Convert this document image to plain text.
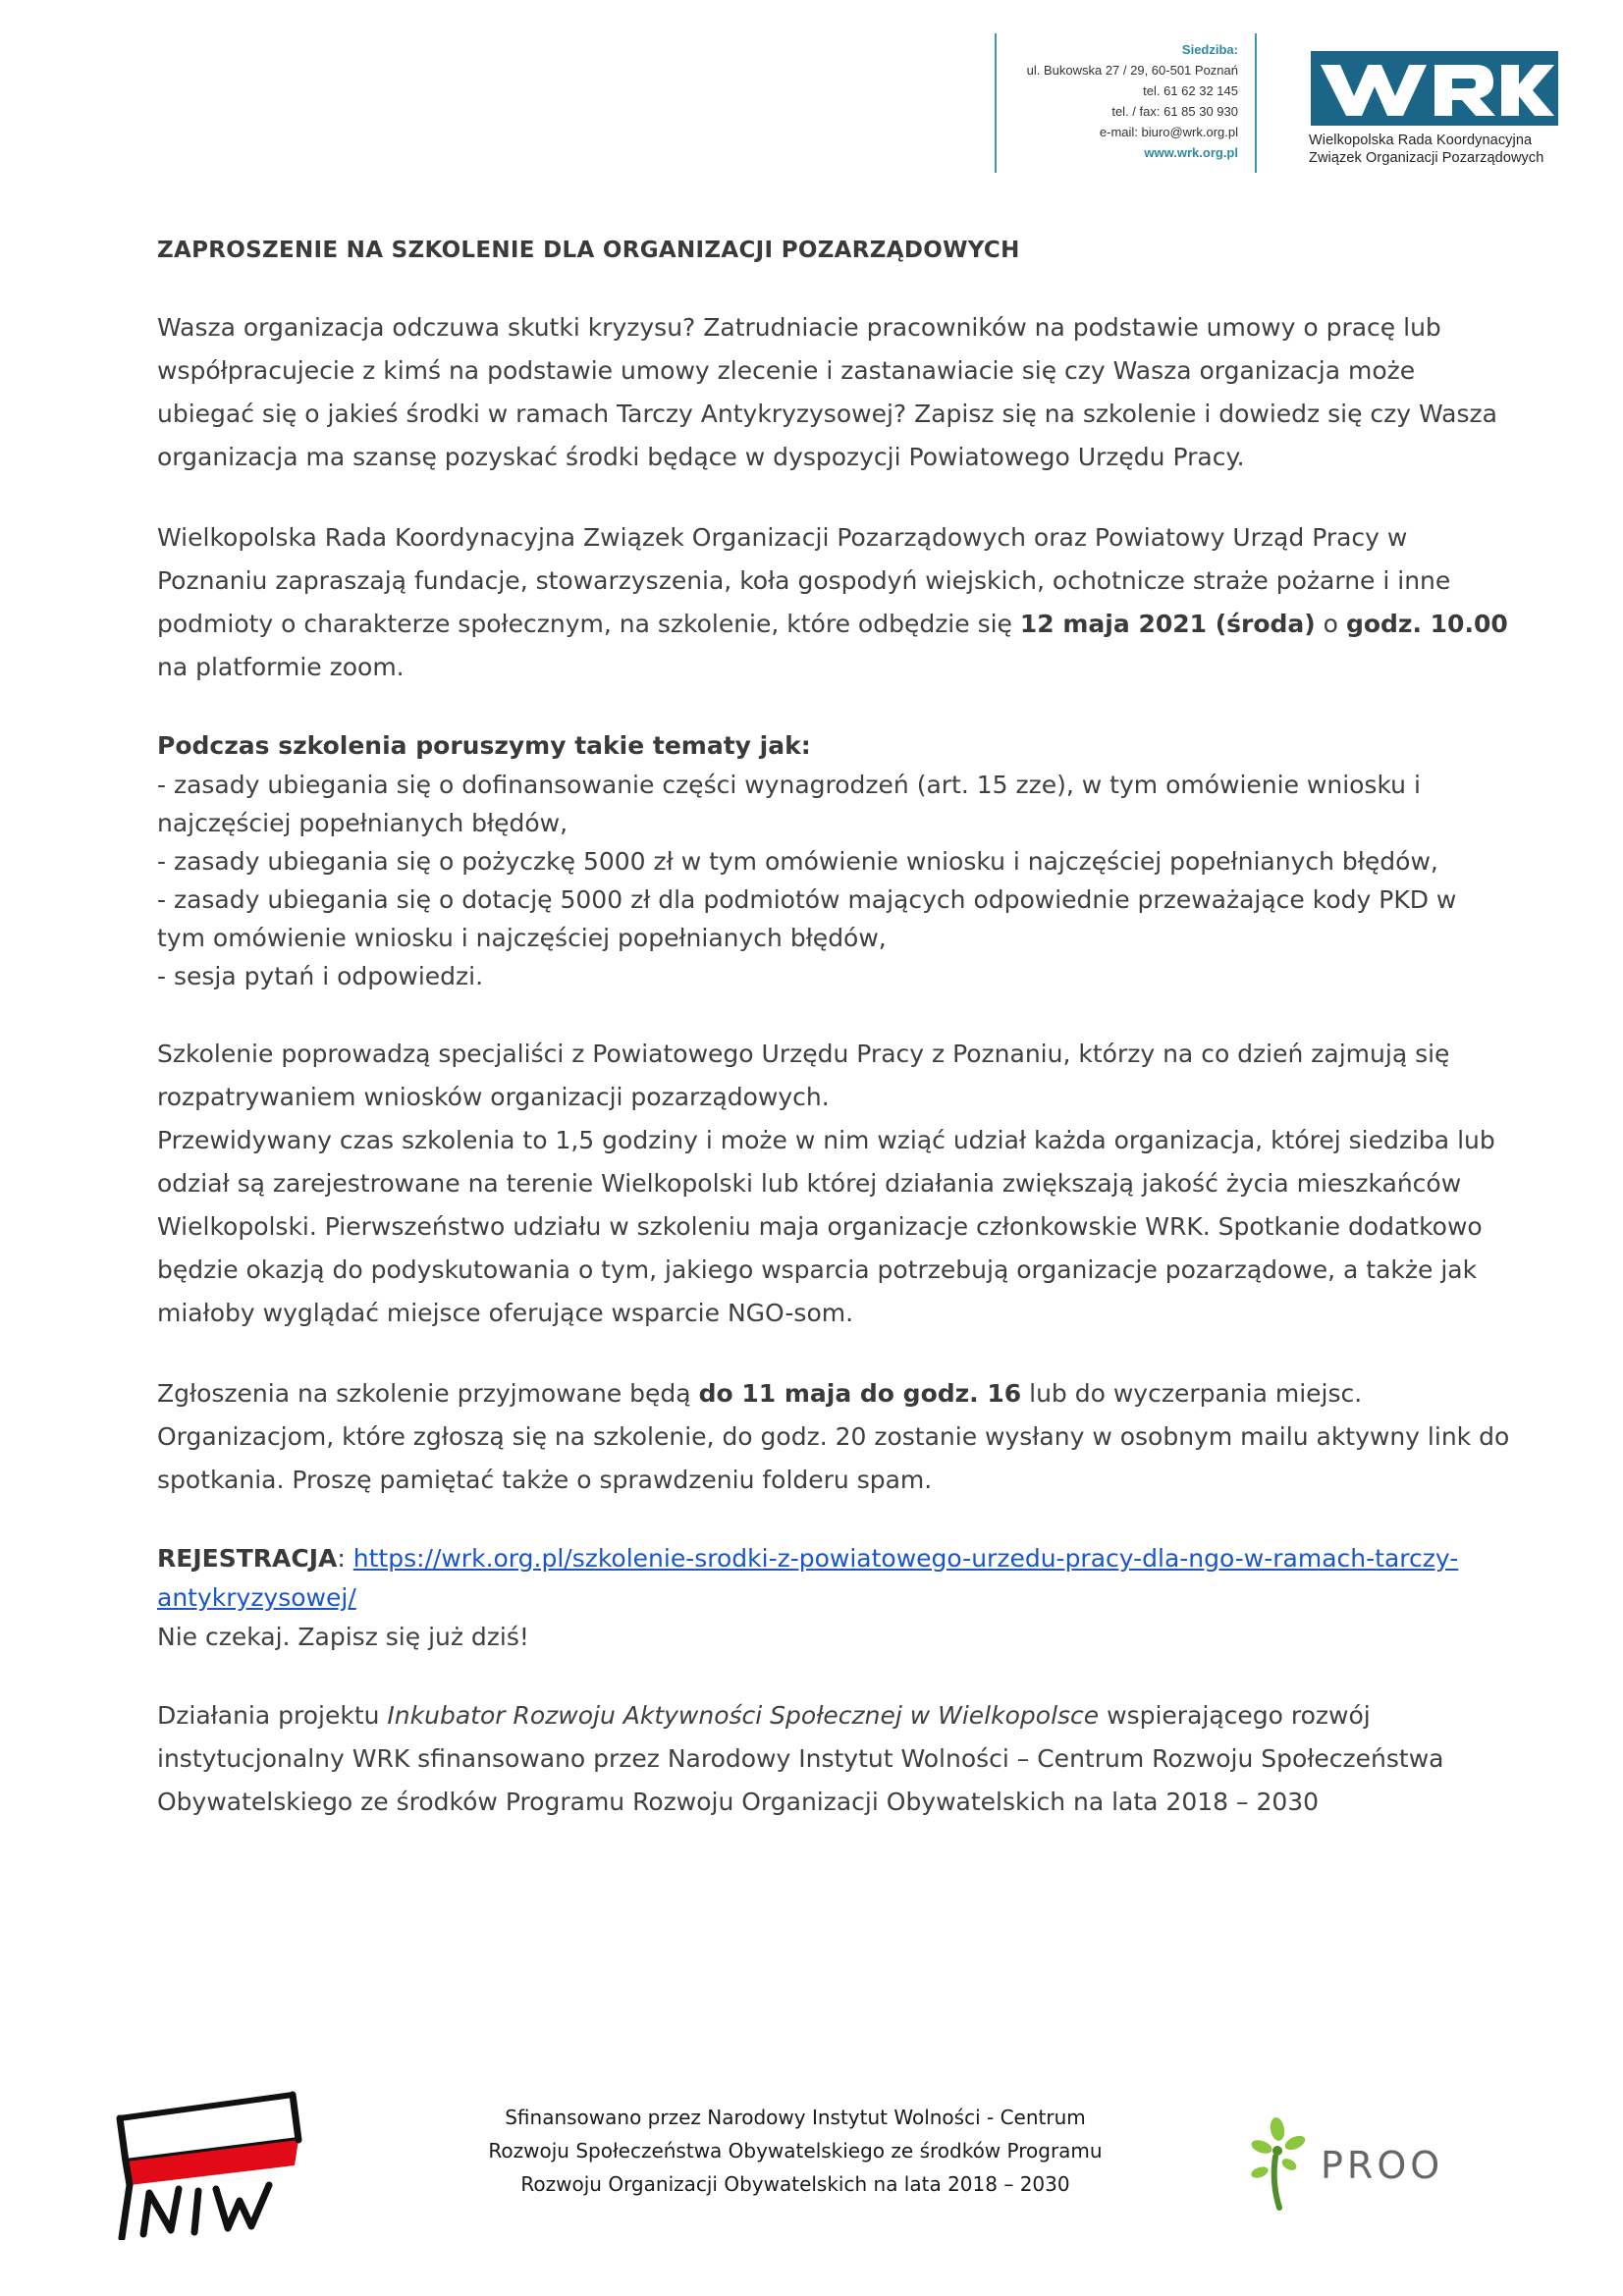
Siedziba:
ul. Bukowska 27 / 29, 60-501 Poznań
tel. 61 62 32 145
tel. / fax: 61 85 30 930
e-mail: biuro@wrk.org.pl
www.wrk.org.pl
Wielkopolska Rada Koordynacyjna
Związek Organizacji Pozarządowych
ZAPROSZENIE NA SZKOLENIE DLA ORGANIZACJI POZARZĄDOWYCH

Wasza organizacja odczuwa skutki kryzysu? Zatrudniacie pracowników na podstawie umowy o pracę lub współpracujecie z kimś na podstawie umowy zlecenie i zastanawiacie się czy Wasza organizacja może ubiegać się o jakieś środki w ramach Tarczy Antykryzysowej? Zapisz się na szkolenie i dowiedz się czy Wasza organizacja ma szansę pozyskać środki będące w dyspozycji Powiatowego Urzędu Pracy.

Wielkopolska Rada Koordynacyjna Związek Organizacji Pozarządowych oraz Powiatowy Urząd Pracy w Poznaniu zapraszają fundacje, stowarzyszenia, koła gospodyń wiejskich, ochotnicze straże pożarne i inne podmioty o charakterze społecznym, na szkolenie, które odbędzie się 12 maja 2021 (środa) o godz. 10.00 na platformie zoom.

Podczas szkolenia poruszymy takie tematy jak:

- zasady ubiegania się o dofinansowanie części wynagrodzeń (art. 15 zze), w tym omówienie wniosku i najczęściej popełnianych błędów,

- zasady ubiegania się o pożyczkę 5000 zł w tym omówienie wniosku i najczęściej popełnianych błędów,

- zasady ubiegania się o dotację 5000 zł dla podmiotów mających odpowiednie przeważające kody PKD w tym omówienie wniosku i najczęściej popełnianych błędów,

- sesja pytań i odpowiedzi.

Szkolenie poprowadzą specjaliści z Powiatowego Urzędu Pracy z Poznaniu, którzy na co dzień zajmują się rozpatrywaniem wniosków organizacji pozarządowych.

Przewidywany czas szkolenia to 1,5 godziny i może w nim wziąć udział każda organizacja, której siedziba lub odział są zarejestrowane na terenie Wielkopolski lub której działania zwiększają jakość życia mieszkańców Wielkopolski. Pierwszeństwo udziału w szkoleniu maja organizacje członkowskie WRK. Spotkanie dodatkowo będzie okazją do podyskutowania o tym, jakiego wsparcia potrzebują organizacje pozarządowe, a także jak miałoby wyglądać miejsce oferujące wsparcie NGO-som.

Zgłoszenia na szkolenie przyjmowane będą do 11 maja do godz. 16 lub do wyczerpania miejsc. Organizacjom, które zgłoszą się na szkolenie, do godz. 20 zostanie wysłany w osobnym mailu aktywny link do spotkania. Proszę pamiętać także o sprawdzeniu folderu spam.

REJESTRACJA: https://wrk.org.pl/szkolenie-srodki-z-powiatowego-urzedu-pracy-dla-ngo-w-ramach-tarczy-antykryzysowej/

Nie czekaj. Zapisz się już dziś!

Działania projektu Inkubator Rozwoju Aktywności Społecznej w Wielkopolsce wspierającego rozwój instytucjonalny WRK sfinansowano przez Narodowy Instytut Wolności – Centrum Rozwoju Społeczeństwa Obywatelskiego ze środków Programu Rozwoju Organizacji Obywatelskich na lata 2018 – 2030

Sfinansowano przez Narodowy Instytut Wolności - Centrum
Rozwoju Społeczeństwa Obywatelskiego ze środków Programu
Rozwoju Organizacji Obywatelskich na lata 2018 – 2030	PROO
